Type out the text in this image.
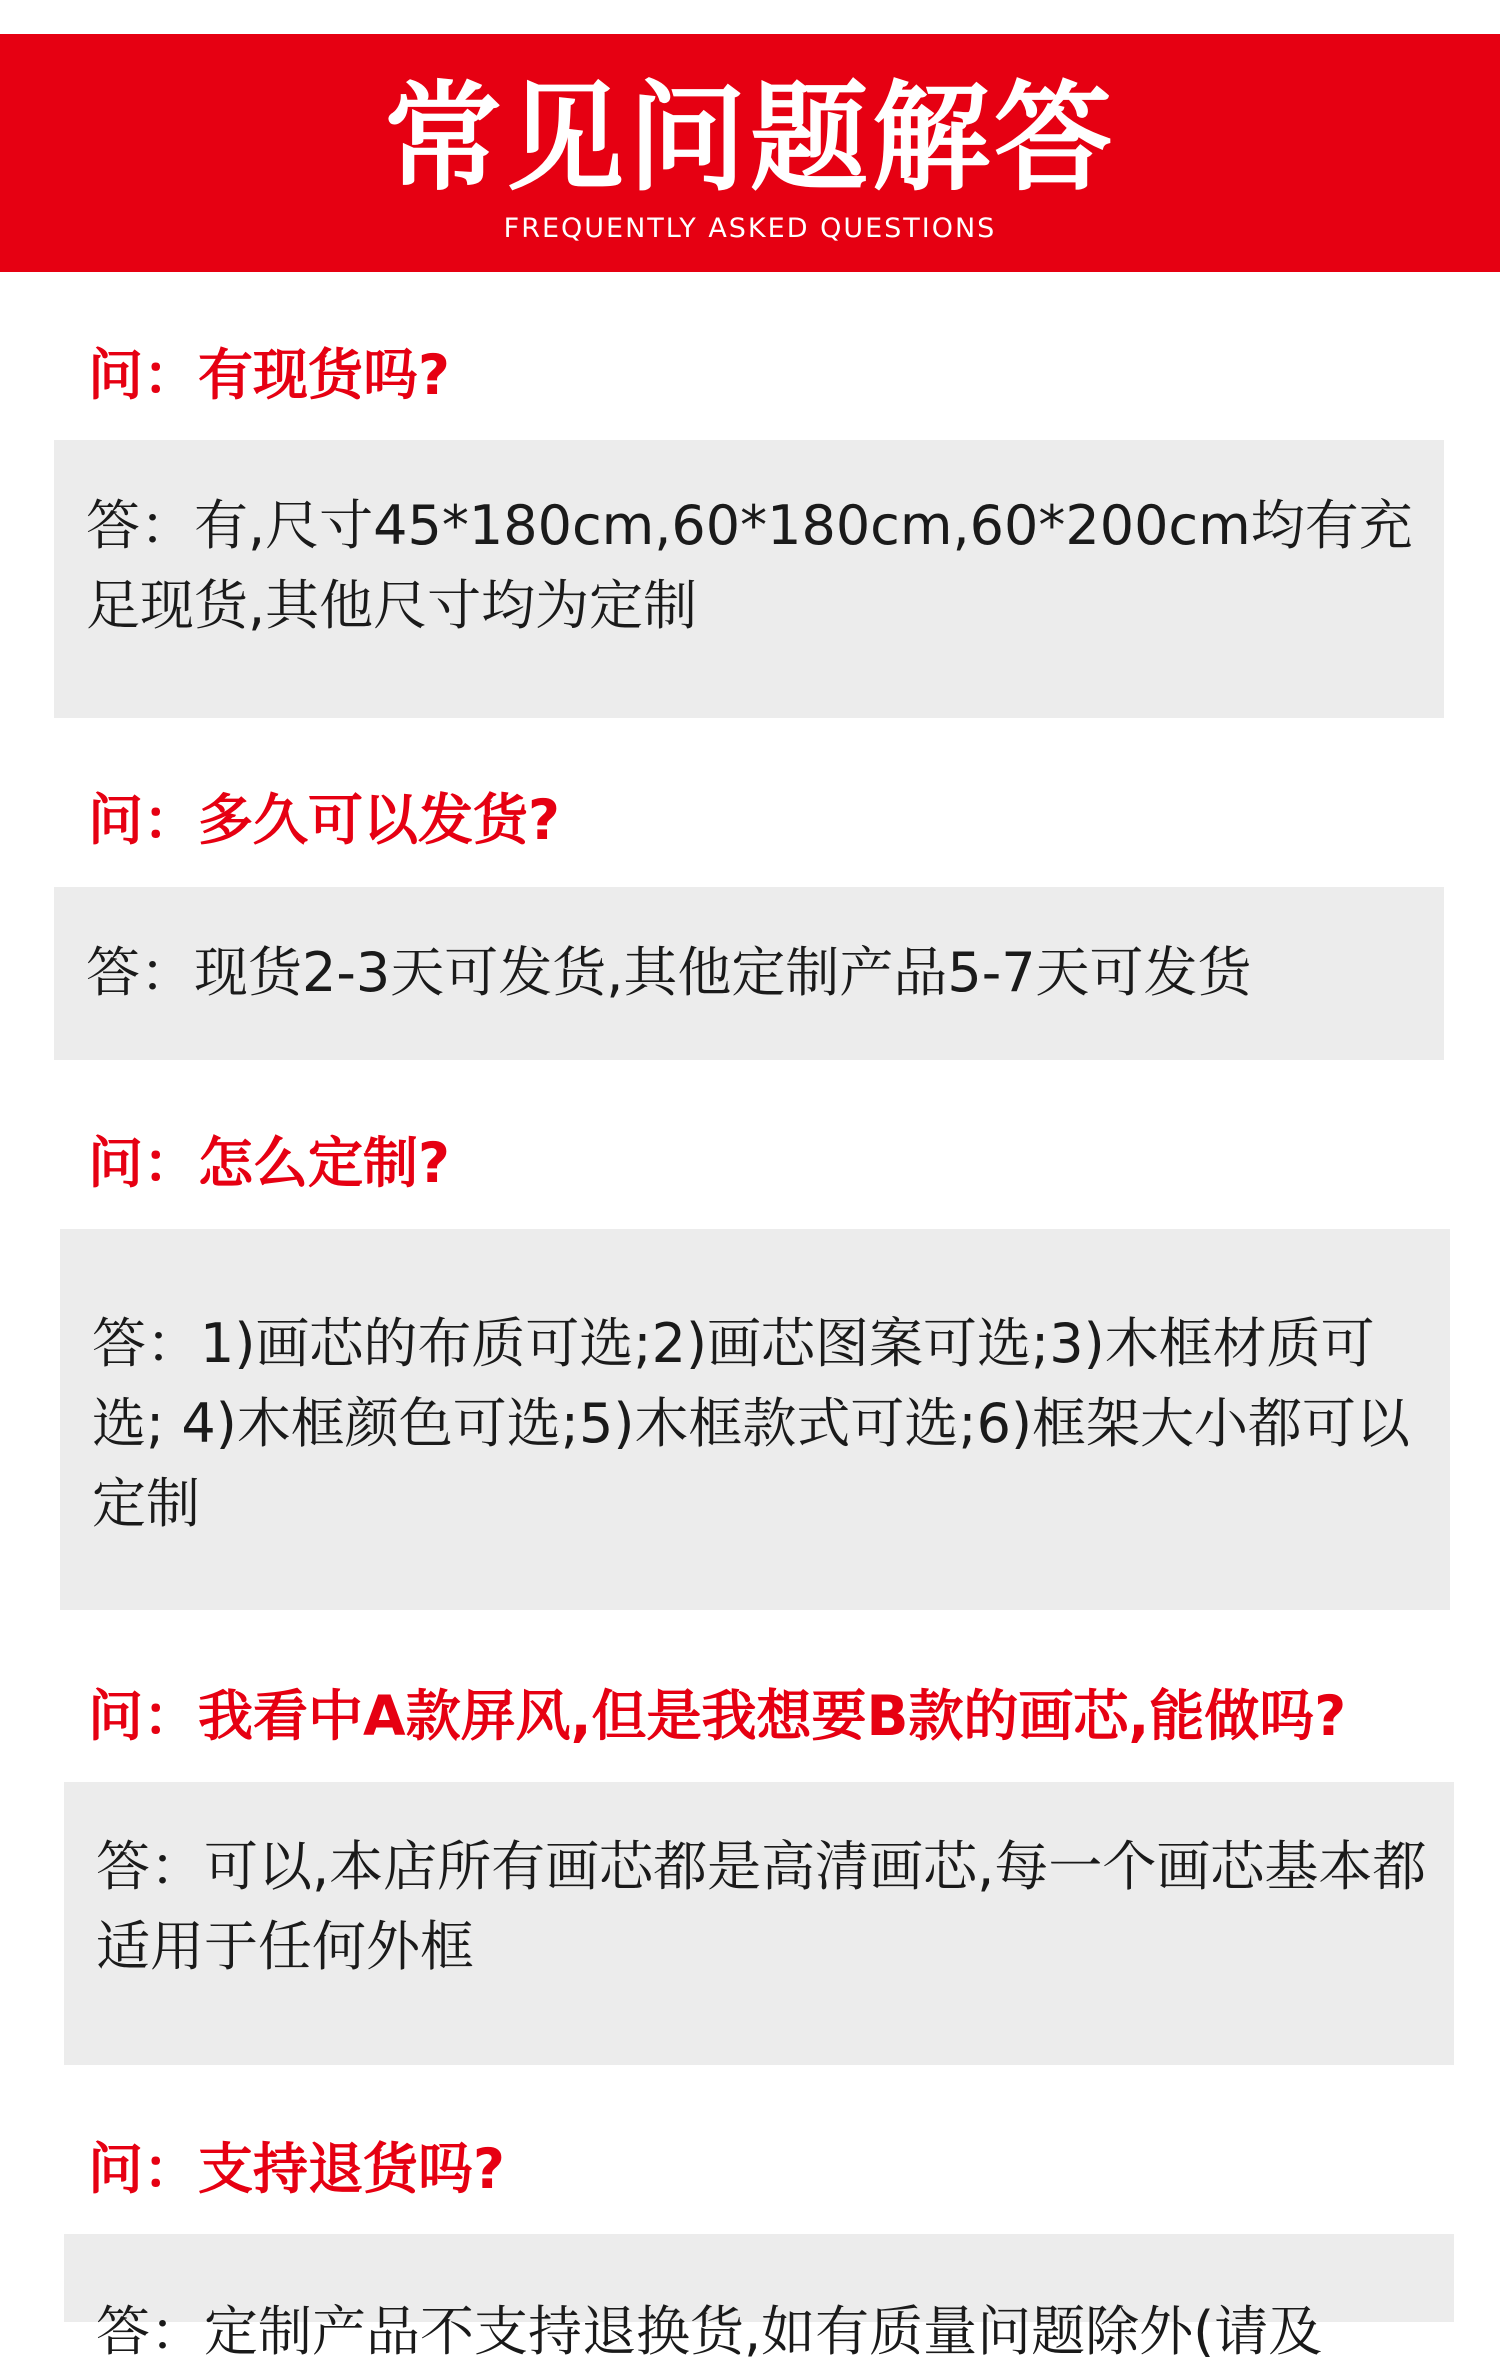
常见问题解答
FREQUENTLY ASKED QUESTIONS
问：有现货吗?
答：有,尺寸45*180cm,60*180cm,60*200cm均有充足现货,其他尺寸均为定制
问：多久可以发货?
答：现货2-3天可发货,其他定制产品5-7天可发货
问：怎么定制?
答：1)画芯的布质可选;2)画芯图案可选;3)木框材质可选; 4)木框颜色可选;5)木框款式可选;6)框架大小都可以定制
问：我看中A款屏风,但是我想要B款的画芯,能做吗?
答：可以,本店所有画芯都是高清画芯,每一个画芯基本都适用于任何外框
问：支持退货吗?
答：定制产品不支持退换货,如有质量问题除外(请及
